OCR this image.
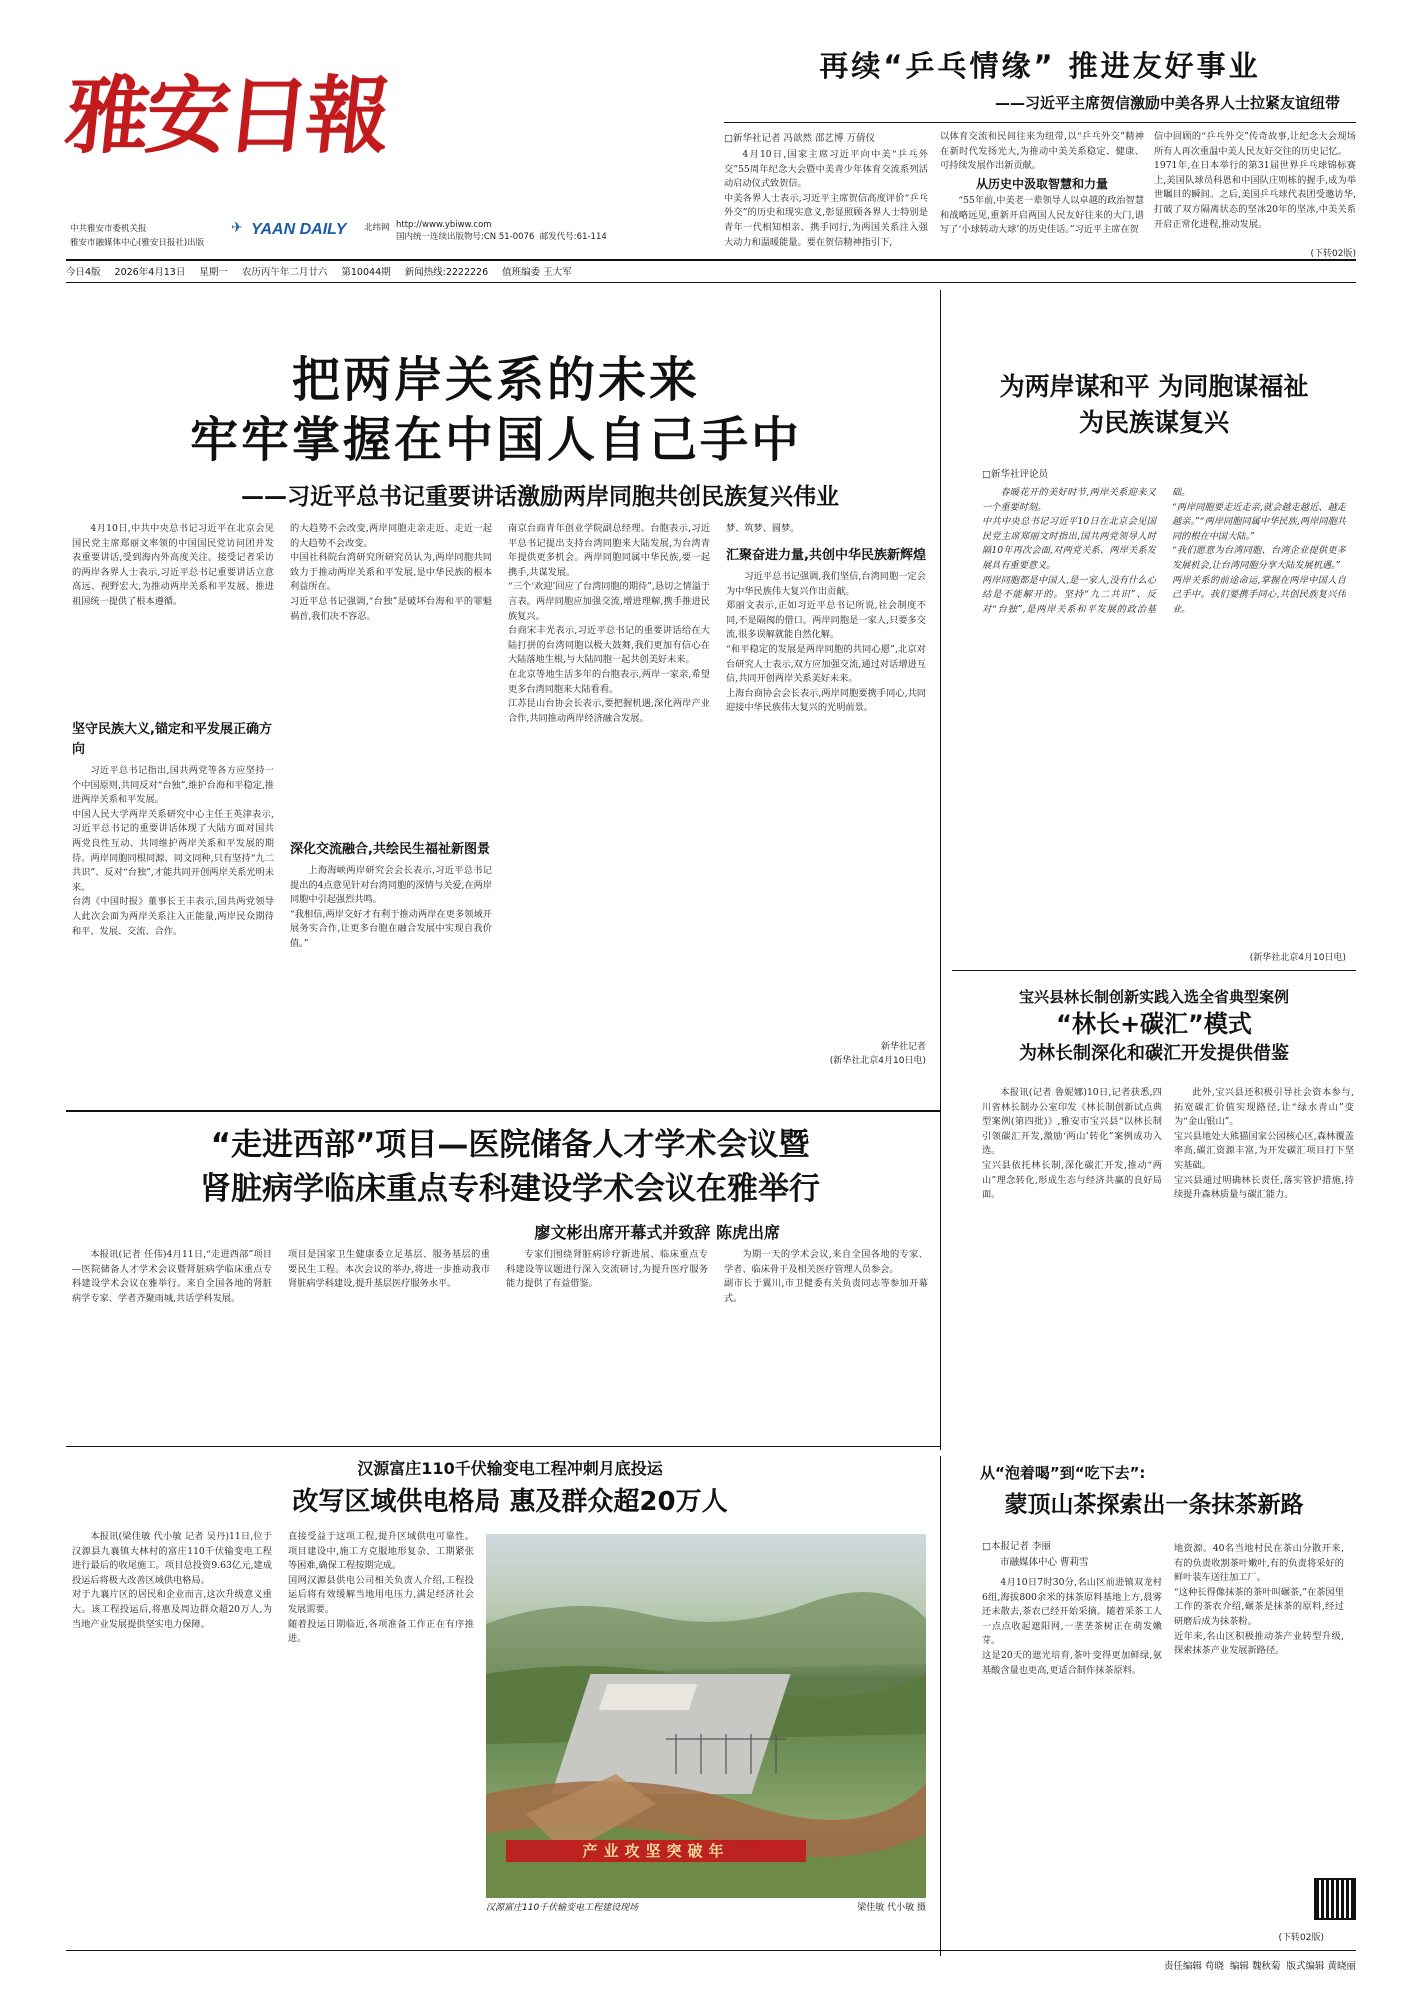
雅安日報
中共雅安市委机关报
雅安市融媒体中心(雅安日报社)出版
✈ YAAN DAILY 北纬网 http://www.ybiww.com
国内统一连续出版物号:CN 51-0076 邮发代号:61-114
今日4版 2026年4月13日 星期一 农历丙午年二月廿六 第10044期 新闻热线:2222226 值班编委 王大军
再续“乒乓情缘” 推进友好事业
——习近平主席贺信激励中美各界人士拉紧友谊纽带
□新华社记者 冯歆然 邵艺博 万倩仪
4月10日,国家主席习近平向中美“乒乓外交”55周年纪念大会暨中美青少年体育交流系列活动启动仪式致贺信。
中美各界人士表示,习近平主席贺信高度评价“乒乓外交”的历史和现实意义,彰显照顾各界人士特别是青年一代相知相亲、携手同行,为两国关系注入强大动力和温暖能量。要在贺信精神指引下,
以体育交流和民间往来为纽带,以“乒乓外交”精神在新时代发扬光大,为推动中美关系稳定、健康、可持续发展作出新贡献。
从历史中汲取智慧和力量
“55年前,中美老一辈领导人以卓越的政治智慧和战略远见,重新开启两国人民友好往来的大门,谱写了‘小球转动大球’的历史佳话。”习近平主席在贺
信中回顾的“乒乓外交”传奇故事,让纪念大会现场所有人再次重温中美人民友好交往的历史记忆。
1971年,在日本举行的第31届世界乒乓球锦标赛上,美国队球员科恩和中国队庄则栋的握手,成为举世瞩目的瞬间。之后,美国乒乓球代表团受邀访华,打破了双方隔离状态的坚冰20年的坚冰,中美关系开启正常化进程,推动发展。
(下转02版)
把两岸关系的未来
牢牢掌握在中国人自己手中
——习近平总书记重要讲话激励两岸同胞共创民族复兴伟业
4月10日,中共中央总书记习近平在北京会见国民党主席郑丽文率领的中国国民党访问团并发表重要讲话,受到海内外高度关注。接受记者采访的两岸各界人士表示,习近平总书记重要讲话立意高远、视野宏大,为推动两岸关系和平发展、推进祖国统一提供了根本遵循。
坚守民族大义,锚定和平发展正确方向
习近平总书记指出,国共两党等各方应坚持一个中国原则,共同反对“台独”,维护台海和平稳定,推进两岸关系和平发展。
中国人民大学两岸关系研究中心主任王英津表示,习近平总书记的重要讲话体现了大陆方面对国共两党良性互动、共同维护两岸关系和平发展的期待。两岸同胞同根同源、同文同种,只有坚持“九二共识”、反对“台独”,才能共同开创两岸关系光明未来。
台湾《中国时报》董事长王丰表示,国共两党领导人此次会面为两岸关系注入正能量,两岸民众期待和平、发展、交流、合作。
的大趋势不会改变,两岸同胞走亲走近、走近一起的大趋势不会改变。
中国社科院台湾研究所研究员认为,两岸同胞共同致力于推动两岸关系和平发展,是中华民族的根本利益所在。
习近平总书记强调,“台独”是破坏台海和平的罪魁祸首,我们决不容忍。
深化交流融合,共绘民生福祉新图景
上海海峡两岸研究会会长表示,习近平总书记提出的4点意见针对台湾同胞的深情与关爱,在两岸同胞中引起强烈共鸣。
“我相信,两岸交好才有利于推动两岸在更多领域开展务实合作,让更多台胞在融合发展中实现自我价值。”
南京台商青年创业学院副总经理、台胞表示,习近平总书记提出支持台湾同胞来大陆发展,为台湾青年提供更多机会。两岸同胞同属中华民族,要一起携手,共谋发展。
“三个‘欢迎’回应了台湾同胞的期待”,恳切之情溢于言表。两岸同胞应加强交流,增进理解,携手推进民族复兴。
台商宋丰光表示,习近平总书记的重要讲话给在大陆打拼的台湾同胞以极大鼓舞,我们更加有信心在大陆落地生根,与大陆同胞一起共创美好未来。
在北京等地生活多年的台胞表示,两岸一家亲,希望更多台湾同胞来大陆看看。
江苏昆山台协会长表示,要把握机遇,深化两岸产业合作,共同推动两岸经济融合发展。
梦、筑梦、圆梦。
汇聚奋进力量,共创中华民族新辉煌
习近平总书记强调,我们坚信,台湾同胞一定会为中华民族伟大复兴作出贡献。
郑丽文表示,正如习近平总书记所说,社会制度不同,不是隔阂的借口。两岸同胞是一家人,只要多交流,很多误解就能自然化解。
“和平稳定的发展是两岸同胞的共同心愿”,北京对台研究人士表示,双方应加强交流,通过对话增进互信,共同开创两岸关系美好未来。
上海台商协会会长表示,两岸同胞要携手同心,共同迎接中华民族伟大复兴的光明前景。
新华社记者
(新华社北京4月10日电)
为两岸谋和平 为同胞谋福祉
为民族谋复兴
□新华社评论员
春暖花开的美好时节,两岸关系迎来又一个重要时刻。
中共中央总书记习近平10日在北京会见国民党主席郑丽文时指出,国共两党领导人时隔10年再次会面,对两党关系、两岸关系发展具有重要意义。
两岸同胞都是中国人,是一家人,没有什么心结是不能解开的。坚持“九二共识”、反对“台独”,是两岸关系和平发展的政治基础。
“两岸同胞要走近走亲,就会越走越近、越走越亲。”“两岸同胞同属中华民族,两岸同胞共同的根在中国大陆。”
“我们愿意为台湾同胞、台湾企业提供更多发展机会,让台湾同胞分享大陆发展机遇。”
两岸关系的前途命运,掌握在两岸中国人自己手中。我们要携手同心,共创民族复兴伟业。
(新华社北京4月10日电)
宝兴县林长制创新实践入选全省典型案例
“林长+碳汇”模式
为林长制深化和碳汇开发提供借鉴
本报讯(记者 鲁妮娜)10日,记者获悉,四川省林长制办公室印发《林长制创新试点典型案例(第四批)》,雅安市宝兴县“以林长制引领碳汇开发,激励‘两山’转化”案例成功入选。
宝兴县依托林长制,深化碳汇开发,推动“两山”理念转化,形成生态与经济共赢的良好局面。
此外,宝兴县还积极引导社会资本参与,拓宽碳汇价值实现路径,让“绿水青山”变为“金山银山”。
宝兴县地处大熊猫国家公园核心区,森林覆盖率高,碳汇资源丰富,为开发碳汇项目打下坚实基础。
宝兴县通过明确林长责任,落实管护措施,持续提升森林质量与碳汇能力。
“走进西部”项目—医院储备人才学术会议暨
肾脏病学临床重点专科建设学术会议在雅举行
廖文彬出席开幕式并致辞 陈虎出席
本报讯(记者 任伟)4月11日,“走进西部”项目—医院储备人才学术会议暨肾脏病学临床重点专科建设学术会议在雅举行。来自全国各地的肾脏病学专家、学者齐聚雨城,共话学科发展。
项目是国家卫生健康委立足基层、服务基层的重要民生工程。本次会议的举办,将进一步推动我市肾脏病学科建设,提升基层医疗服务水平。
专家们围绕肾脏病诊疗新进展、临床重点专科建设等议题进行深入交流研讨,为提升医疗服务能力提供了有益借鉴。
为期一天的学术会议,来自全国各地的专家、学者、临床骨干及相关医疗管理人员参会。
副市长于翼川,市卫健委有关负责同志等参加开幕式。
汉源富庄110千伏输变电工程冲刺月底投运
改写区域供电格局 惠及群众超20万人
本报讯(梁佳敏 代小敏 记者 吴丹)11日,位于汉源县九襄镇大林村的富庄110千伏输变电工程进行最后的收尾施工。项目总投资9.63亿元,建成投运后将极大改善区域供电格局。
对于九襄片区的居民和企业而言,这次升级意义重大。该工程投运后,将惠及周边群众超20万人,为当地产业发展提供坚实电力保障。
直接受益于这项工程,提升区域供电可靠性。项目建设中,施工方克服地形复杂、工期紧张等困难,确保工程按期完成。
国网汉源县供电公司相关负责人介绍,工程投运后将有效缓解当地用电压力,满足经济社会发展需要。
随着投运日期临近,各项准备工作正在有序推进。
产业攻坚突破年
汉源富庄110千伏输变电工程建设现场	梁佳敏 代小敏 摄
从“泡着喝”到“吃下去”:
蒙顶山茶探索出一条抹茶新路
□本报记者 李丽
市融媒体中心 曹莉雪
4月10日7时30分,名山区前进镇双龙村6组,海拔800余米的抹茶原料基地上方,晨雾还未散去,茶农已经开始采摘。随着采茶工人一点点收起遮阳网,一垄垄茶树正在萌发嫩芽。
这是20天的遮光培育,茶叶变得更加鲜绿,氨基酸含量也更高,更适合制作抹茶原料。
地资源。40名当地村民在茶山分散开来,有的负责收割茶叶嫩叶,有的负责将采好的鲜叶装车送往加工厂。
“这种长得像抹茶的茶叶叫碾茶,”在茶园里工作的茶农介绍,碾茶是抹茶的原料,经过研磨后成为抹茶粉。
近年来,名山区积极推动茶产业转型升级,探索抹茶产业发展新路径。
(下转02版)
责任编辑 苟晓  编辑 魏秋菊  版式编辑 黄晓丽
